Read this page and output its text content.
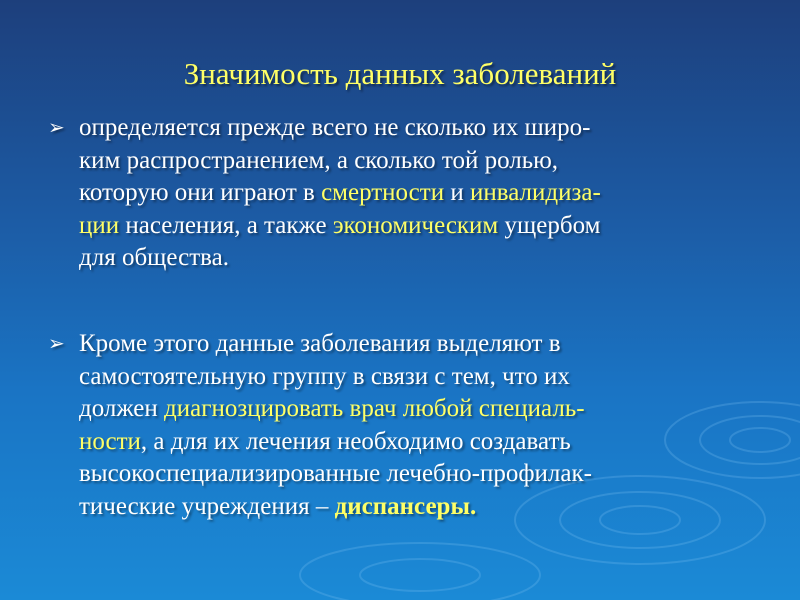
Значимость данных заболеваний
➢ определяется прежде всего не сколько их широ-
ким распространением, а сколько той ролью,
которую они играют в смертности и инвалидиза-
ции населения, а также экономическим ущербом
для общества.
➢ Кроме этого данные заболевания выделяют в
самостоятельную группу в связи с тем, что их
должен диагнозцировать врач любой специаль-
ности, а для их лечения необходимо создавать
высокоспециализированные лечебно-профилак-
тические учреждения – диспансеры.
